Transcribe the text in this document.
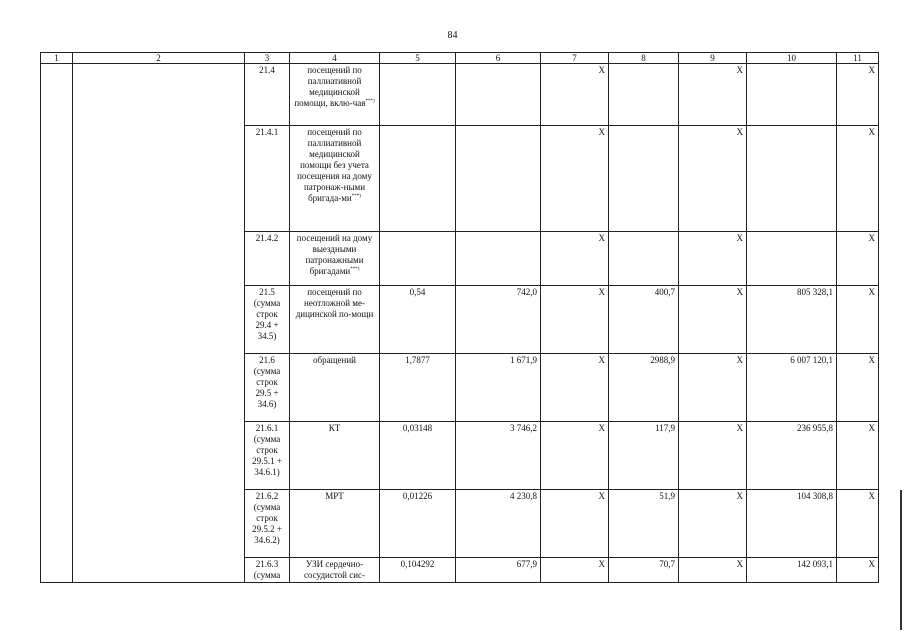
84
1	2	3	4	5	6	7	8	9	10	11
		21.4	посещений по паллиативной медицинской помощи, вклю-чая***)			X		X		X
		21.4.1	посещений по паллиативной медицинской помощи без учета посещения на дому патронаж-ными бригада-ми***)			X		X		X
		21.4.2	посещений на дому выездными патронажными бригадами***)			X		X		X
		21.5 (сумма строк 29.4 + 34.5)	посещений по неотложной ме-дицинской по-мощи	0,54	742,0	X	400,7	X	805 328,1	X
		21.6 (сумма строк 29.5 + 34.6)	обращений	1,7877	1 671,9	X	2988,9	X	6 007 120,1	X
		21.6.1 (сумма строк 29.5.1 + 34.6.1)	КТ	0,03148	3 746,2	X	117,9	X	236 955,8	X
		21.6.2 (сумма строк 29.5.2 + 34.6.2)	МРТ	0,01226	4 230,8	X	51,9	X	104 308,8	X
		21.6.3 (сумма	УЗИ сердечно-сосудистой сис-	0,104292	677,9	X	70,7	X	142 093,1	X
